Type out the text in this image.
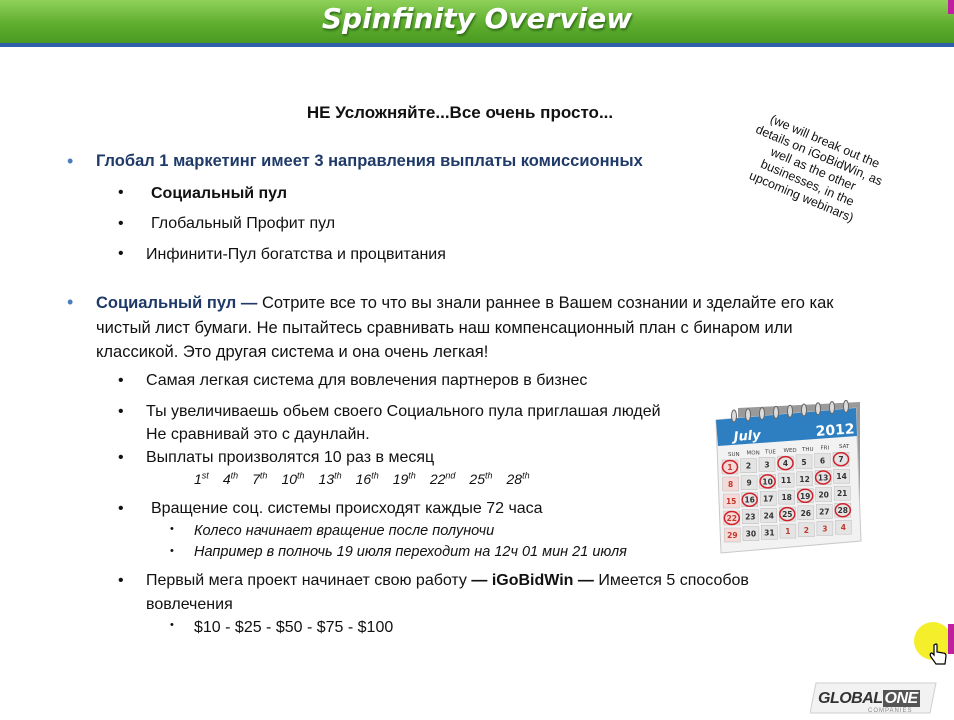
Spinfinity Overview
НЕ Усложняйте...Все очень просто...
• Глобал 1 маркетинг имеет 3 направления выплаты комиссионных
• Социальный пул
• Глобальный Профит пул
• Инфинити-Пул богатства и процвитания
• Социальный пул — Сотрите все то что вы знали раннее в Вашем сознании и зделайте его как
чистый лист бумаги. Не пытайтесь сравнивать наш компенсационный план с бинаром или
классикой. Это другая система и она очень легкая!
• Самая легкая система для вовлечения партнеров в бизнес
• Ты увеличиваешь обьем своего Социального пула приглашая людей
Не сравнивай это с даунлайн.
• Выплаты произволятся 10 раз в месяц
1st 4th 7th 10th 13th 16th 19th 22nd 25th 28th
• Вращение соц. системы происходят каждые 72 часа
• Колесо начинает вращение после полуночи
• Например в полночь 19 июля переходит на 12ч 01 мин 21 июля
• Первый мега проект начинает свою работу — iGoBidWin — Имеется 5 способов
вовлечения
• $10 - $25 - $50 - $75 - $100
(we will break out the details on iGoBidWin, as well as the other businesses, in the upcoming webinars)
July	2012
SUN MON TUE WED THU FRI SAT
1 2 3 4 5 6 7
8 9 10 11 12 13 14
15 16 17 18 19 20 21
22 23 24 25 26 27 28
29 30 31 1 2 3 4
GLOBAL ONE
COMPANIES
